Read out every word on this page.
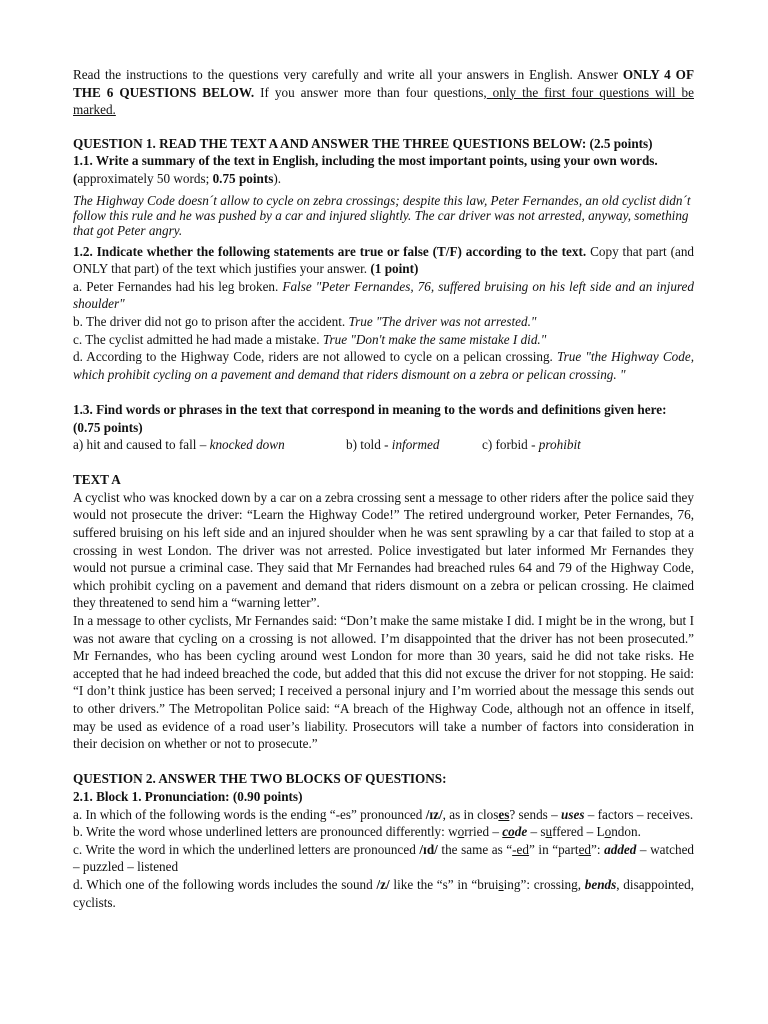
Read the instructions to the questions very carefully and write all your answers in English. Answer ONLY 4 OF THE 6 QUESTIONS BELOW. If you answer more than four questions, only the first four questions will be marked.

QUESTION 1. READ THE TEXT A AND ANSWER THE THREE QUESTIONS BELOW: (2.5 points)

1.1. Write a summary of the text in English, including the most important points, using your own words. (approximately 50 words; 0.75 points).

The Highway Code doesn´t allow to cycle on zebra crossings; despite this law, Peter Fernandes, an old cyclist didn´t follow this rule and he was pushed by a car and injured slightly. The car driver was not arrested, anyway, something that got Peter angry.

1.2. Indicate whether the following statements are true or false (T/F) according to the text. Copy that part (and ONLY that part) of the text which justifies your answer. (1 point)

a. Peter Fernandes had his leg broken. False "Peter Fernandes, 76, suffered bruising on his left side and an injured shoulder"

b. The driver did not go to prison after the accident. True "The driver was not arrested."

c. The cyclist admitted he had made a mistake. True "Don't make the same mistake I did."

d. According to the Highway Code, riders are not allowed to cycle on a pelican crossing. True "the Highway Code, which prohibit cycling on a pavement and demand that riders dismount on a zebra or pelican crossing. "

1.3. Find words or phrases in the text that correspond in meaning to the words and definitions given here: (0.75 points)

a) hit and caused to fall – knocked down	b) told - informed	c) forbid - prohibit

TEXT A

A cyclist who was knocked down by a car on a zebra crossing sent a message to other riders after the police said they would not prosecute the driver: “Learn the Highway Code!” The retired underground worker, Peter Fernandes, 76, suffered bruising on his left side and an injured shoulder when he was sent sprawling by a car that failed to stop at a crossing in west London. The driver was not arrested. Police investigated but later informed Mr Fernandes they would not pursue a criminal case. They said that Mr Fernandes had breached rules 64 and 79 of the Highway Code, which prohibit cycling on a pavement and demand that riders dismount on a zebra or pelican crossing. He claimed they threatened to send him a “warning letter”.

In a message to other cyclists, Mr Fernandes said: “Don’t make the same mistake I did. I might be in the wrong, but I was not aware that cycling on a crossing is not allowed. I’m disappointed that the driver has not been prosecuted.” Mr Fernandes, who has been cycling around west London for more than 30 years, said he did not take risks. He accepted that he had indeed breached the code, but added that this did not excuse the driver for not stopping. He said: “I don’t think justice has been served; I received a personal injury and I’m worried about the message this sends out to other drivers.” The Metropolitan Police said: “A breach of the Highway Code, although not an offence in itself, may be used as evidence of a road user’s liability. Prosecutors will take a number of factors into consideration in their decision on whether or not to prosecute.”

QUESTION 2. ANSWER THE TWO BLOCKS OF QUESTIONS:

2.1. Block 1. Pronunciation: (0.90 points)

a. In which of the following words is the ending “-es” pronounced /ɪz/, as in closes? sends – uses – factors – receives.

b. Write the word whose underlined letters are pronounced differently: worried – code – suffered – London.

c. Write the word in which the underlined letters are pronounced /ɪd/ the same as “-ed” in “parted”: added – watched – puzzled – listened

d. Which one of the following words includes the sound /z/ like the “s” in “bruising”: crossing, bends, disappointed, cyclists.
